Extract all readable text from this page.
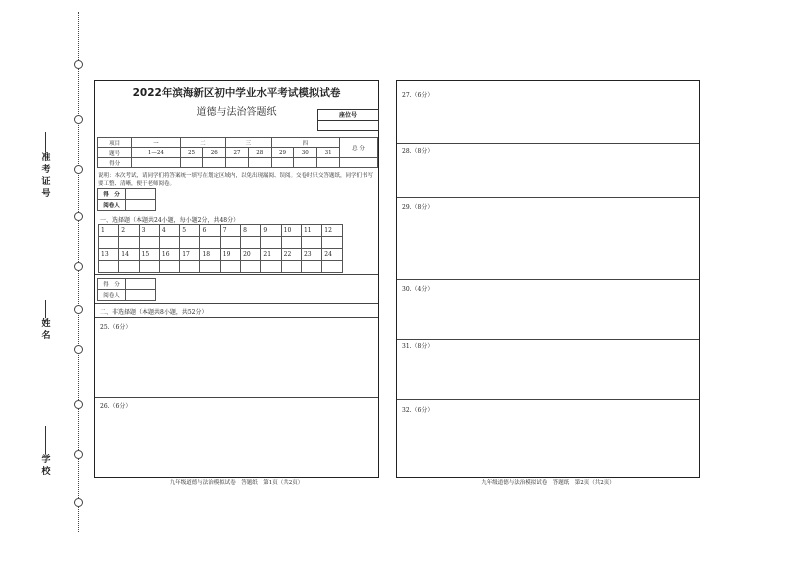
准考证号
姓名
学校
2022年滨海新区初中学业水平考试模拟试卷
道德与法治答题纸	座位号
项目	一	二		三		四			总 分
题号	1—24	25	26	27	28	29	30	31	
得分									
说明：本次考试，请同学们将答案统一填写在划定区域内，以免出现漏阅、误阅。交卷时只交答题纸，同学们书写要工整、清晰，便于老师阅卷。
得　分	
阅卷人	
一、选择题（本题共24小题，每小题2分，共48分）
1	2	3	4	5	6	7	8	9	10	11	12

13	14	15	16	17	18	19	20	21	22	23	24

得　分	
阅卷人	
二、非选择题（本题共8小题，共52分）
25.（6分）
26.（6分）
九年级道德与法治模拟试卷　答题纸　第1页（共2页）
27.（6分）
28.（8分）
29.（8分）
30.（4分）
31.（8分）
32.（6分）
九年级道德与法治模拟试卷　答题纸　第2页（共2页）
